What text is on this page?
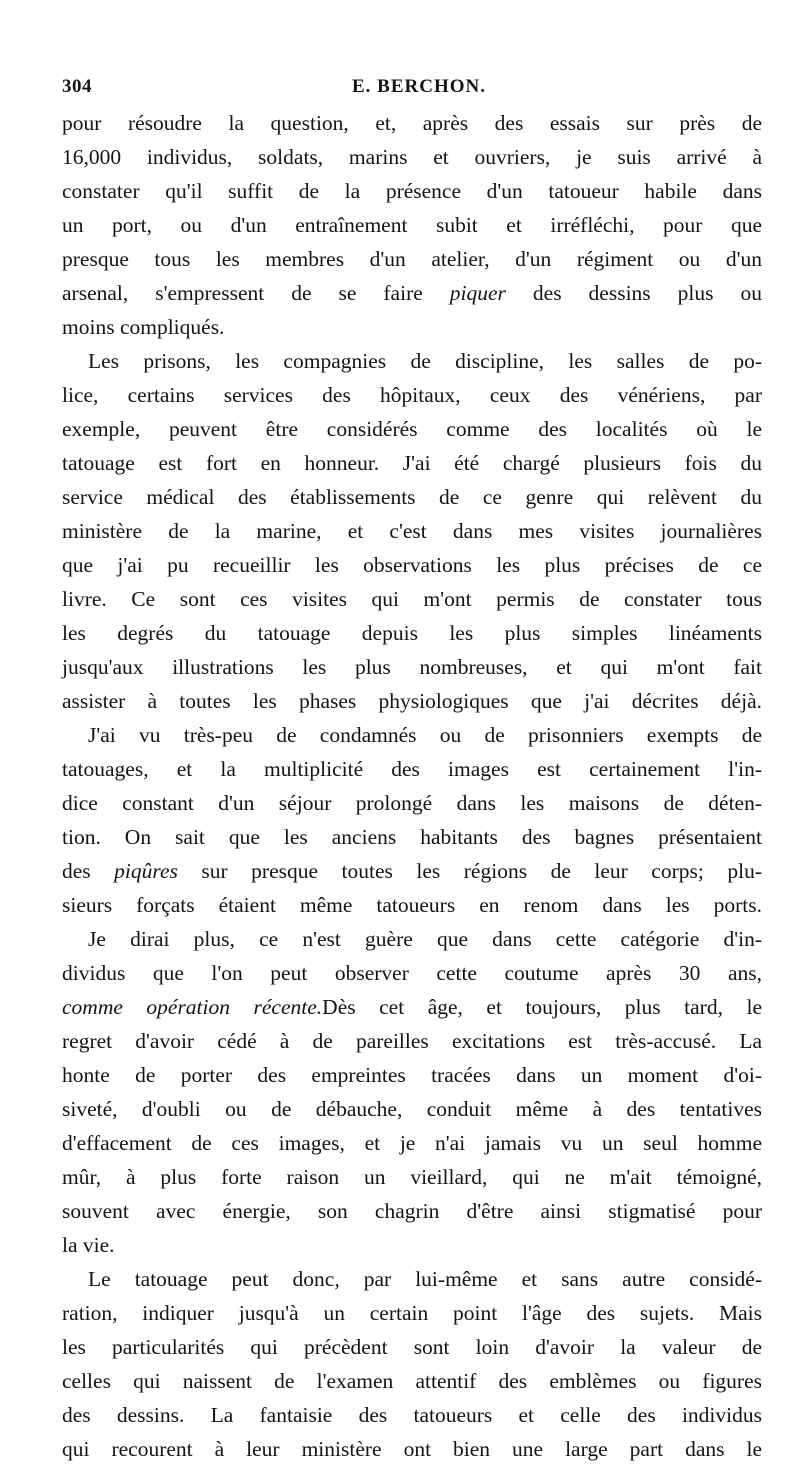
304	E. BERCHON.
pour résoudre la question, et, après des essais sur près de
16,000 individus, soldats, marins et ouvriers, je suis arrivé à
constater qu'il suffit de la présence d'un tatoueur habile dans
un port, ou d'un entraînement subit et irréfléchi, pour que
presque tous les membres d'un atelier, d'un régiment ou d'un
arsenal, s'empressent de se faire piquer des dessins plus ou
moins compliqués.
Les prisons, les compagnies de discipline, les salles de po-
lice, certains services des hôpitaux, ceux des vénériens, par
exemple, peuvent être considérés comme des localités où le
tatouage est fort en honneur. J'ai été chargé plusieurs fois du
service médical des établissements de ce genre qui relèvent du
ministère de la marine, et c'est dans mes visites journalières
que j'ai pu recueillir les observations les plus précises de ce
livre. Ce sont ces visites qui m'ont permis de constater tous
les degrés du tatouage depuis les plus simples linéaments
jusqu'aux illustrations les plus nombreuses, et qui m'ont fait
assister à toutes les phases physiologiques que j'ai décrites déjà.
J'ai vu très-peu de condamnés ou de prisonniers exempts de
tatouages, et la multiplicité des images est certainement l'in-
dice constant d'un séjour prolongé dans les maisons de déten-
tion. On sait que les anciens habitants des bagnes présentaient
des piqûres sur presque toutes les régions de leur corps; plu-
sieurs forçats étaient même tatoueurs en renom dans les ports.
Je dirai plus, ce n'est guère que dans cette catégorie d'in-
dividus que l'on peut observer cette coutume après 30 ans,
comme opération récente.Dès cet âge, et toujours, plus tard, le
regret d'avoir cédé à de pareilles excitations est très-accusé. La
honte de porter des empreintes tracées dans un moment d'oi-
siveté, d'oubli ou de débauche, conduit même à des tentatives
d'effacement de ces images, et je n'ai jamais vu un seul homme
mûr, à plus forte raison un vieillard, qui ne m'ait témoigné,
souvent avec énergie, son chagrin d'être ainsi stigmatisé pour
la vie.
Le tatouage peut donc, par lui-même et sans autre considé-
ration, indiquer jusqu'à un certain point l'âge des sujets. Mais
les particularités qui précèdent sont loin d'avoir la valeur de
celles qui naissent de l'examen attentif des emblèmes ou figures
des dessins. La fantaisie des tatoueurs et celle des individus
qui recourent à leur ministère ont bien une large part dans le
